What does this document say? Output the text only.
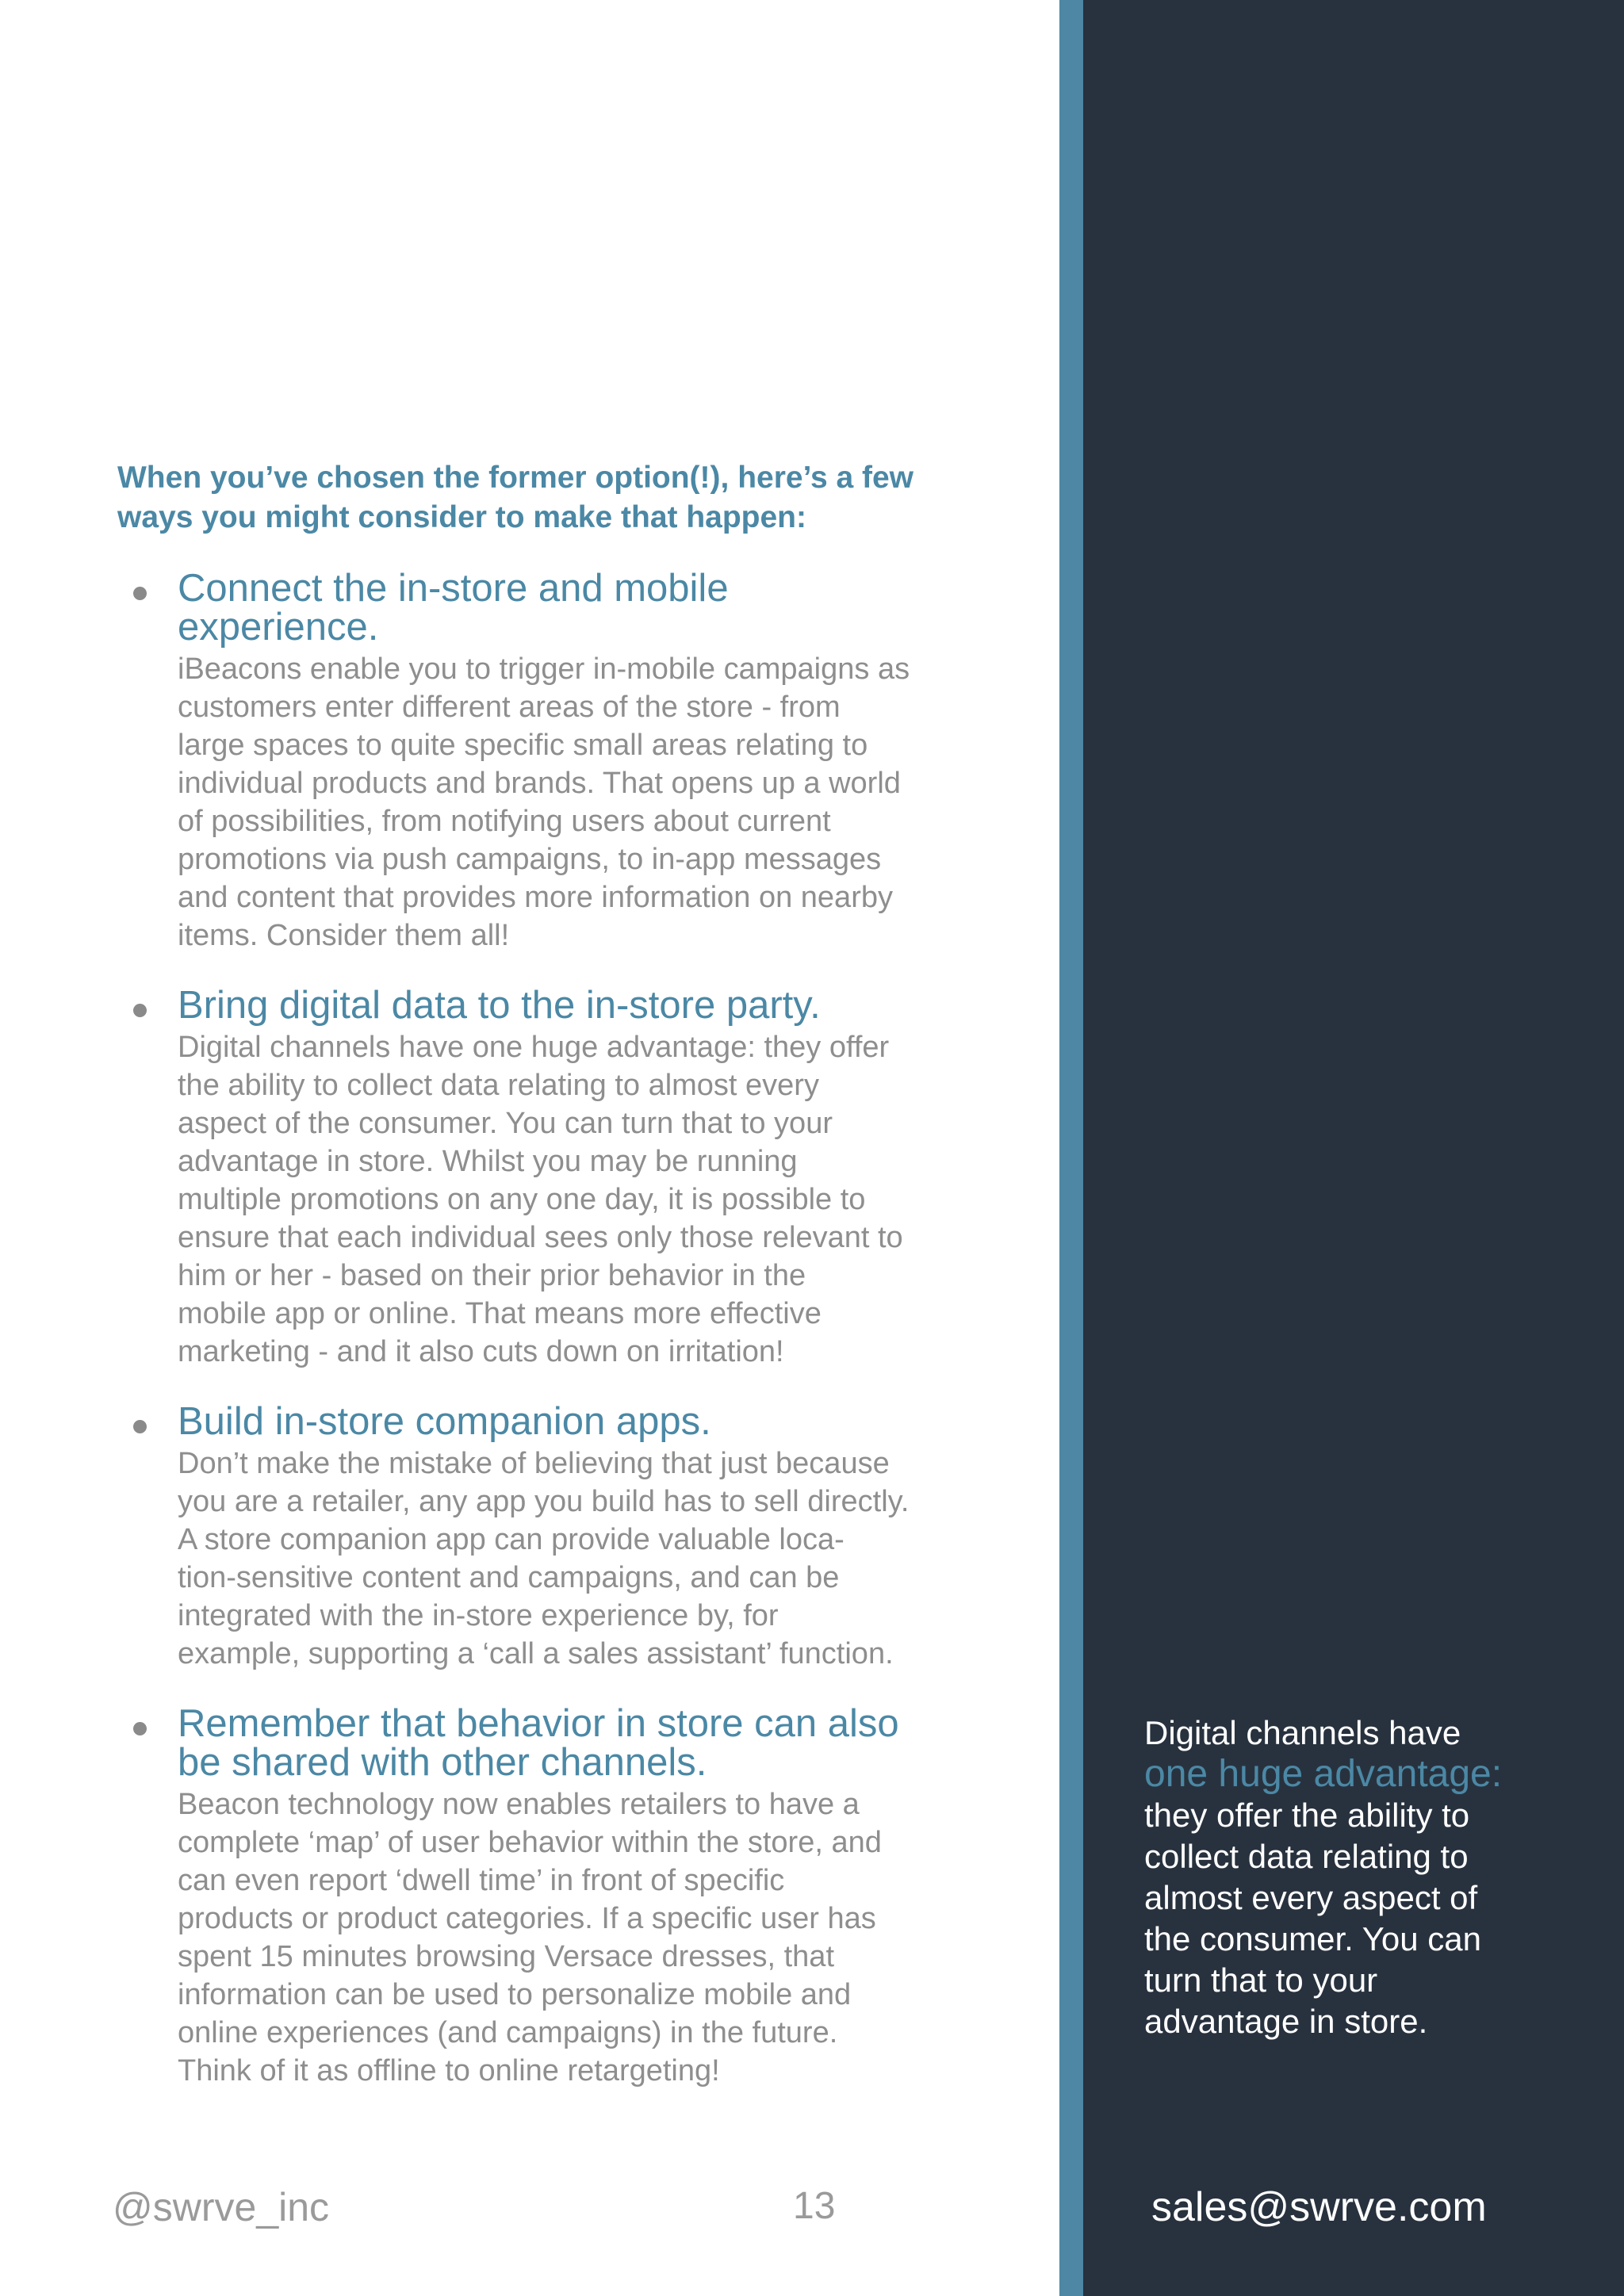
When you’ve chosen the former option(!), here’s a few ways you might consider to make that happen:

Connect the in-store and mobile
experience.
iBeacons enable you to trigger in-mobile campaigns as
customers enter different areas of the store - from
large spaces to quite specific small areas relating to
individual products and brands. That opens up a world
of possibilities, from notifying users about current
promotions via push campaigns, to in-app messages
and content that provides more information on nearby
items. Consider them all!
Bring digital data to the in-store party.
Digital channels have one huge advantage: they offer
the ability to collect data relating to almost every
aspect of the consumer. You can turn that to your
advantage in store. Whilst you may be running
multiple promotions on any one day, it is possible to
ensure that each individual sees only those relevant to
him or her - based on their prior behavior in the
mobile app or online. That means more effective
marketing - and it also cuts down on irritation!
Build in-store companion apps.
Don’t make the mistake of believing that just because
you are a retailer, any app you build has to sell directly.
A store companion app can provide valuable loca-
tion-sensitive content and campaigns, and can be
integrated with the in-store experience by, for
example, supporting a ‘call a sales assistant’ function.
Remember that behavior in store can also
be shared with other channels.
Beacon technology now enables retailers to have a
complete ‘map’ of user behavior within the store, and
can even report ‘dwell time’ in front of specific
products or product categories. If a specific user has
spent 15 minutes browsing Versace dresses, that
information can be used to personalize mobile and
online experiences (and campaigns) in the future.
Think of it as offline to online retargeting!
@swrve_inc	13
Digital channels have
one huge advantage:
they offer the ability to
collect data relating to
almost every aspect of
the consumer. You can
turn that to your
advantage in store.
sales@swrve.com
